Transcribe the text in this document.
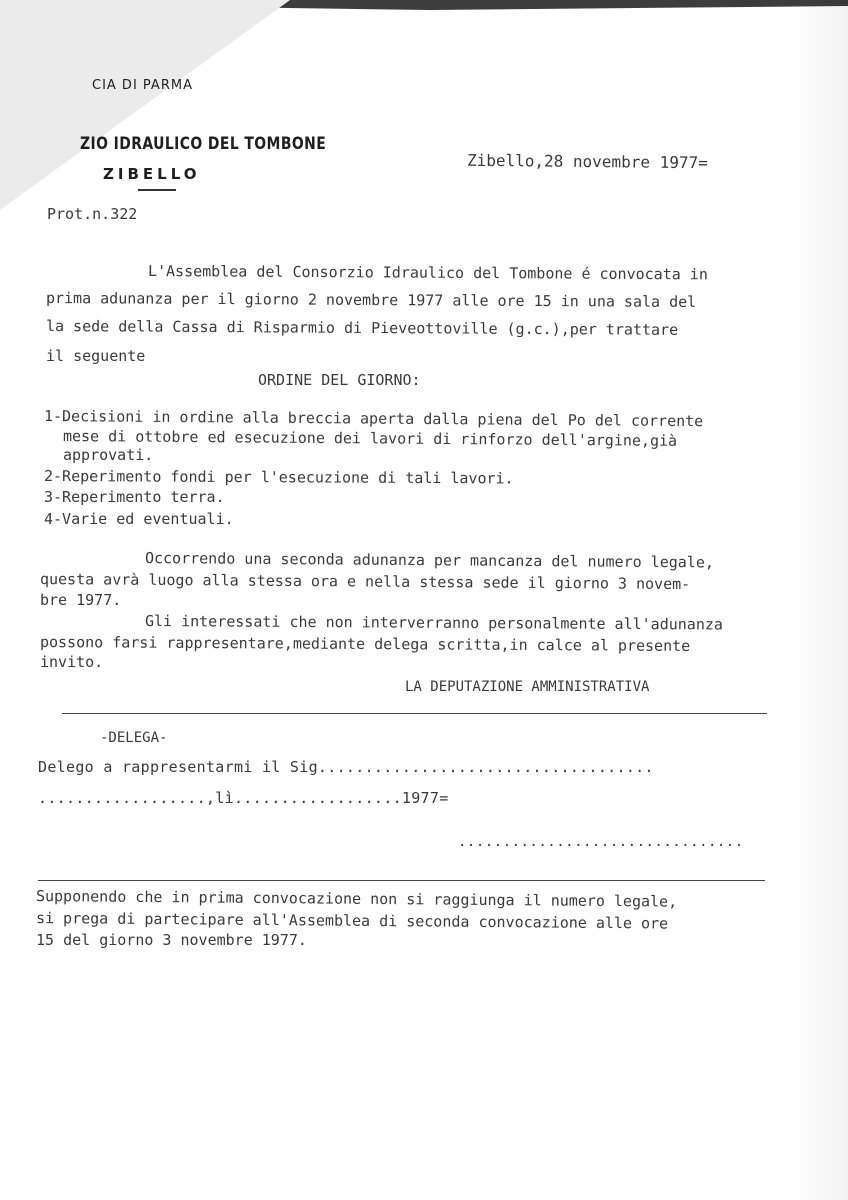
CIA DI PARMA
ZIO IDRAULICO DEL TOMBONE
ZIBELLO
Zibello,28 novembre 1977=
Prot.n.322
L'Assemblea del Consorzio Idraulico del Tombone é convocata in
prima adunanza per il giorno 2 novembre 1977 alle ore 15 in una sala del
la sede della Cassa di Risparmio di Pieveottoville (g.c.),per trattare
il seguente
ORDINE DEL GIORNO:
1-Decisioni in ordine alla breccia aperta dalla piena del Po del corrente
mese di ottobre ed esecuzione dei lavori di rinforzo dell'argine,già
approvati.
2-Reperimento fondi per l'esecuzione di tali lavori.
3-Reperimento terra.
4-Varie ed eventuali.
Occorrendo una seconda adunanza per mancanza del numero legale,
questa avrà luogo alla stessa ora e nella stessa sede il giorno 3 novem-
bre 1977.
Gli interessati che non interverranno personalmente all'adunanza
possono farsi rappresentare,mediante delega scritta,in calce al presente
invito.
LA DEPUTAZIONE AMMINISTRATIVA
-DELEGA-
Delego a rappresentarmi il Sig....................................
..................,lì..................1977=
................................
Supponendo che in prima convocazione non si raggiunga il numero legale,
si prega di partecipare all'Assemblea di seconda convocazione alle ore
15 del giorno 3 novembre 1977.
